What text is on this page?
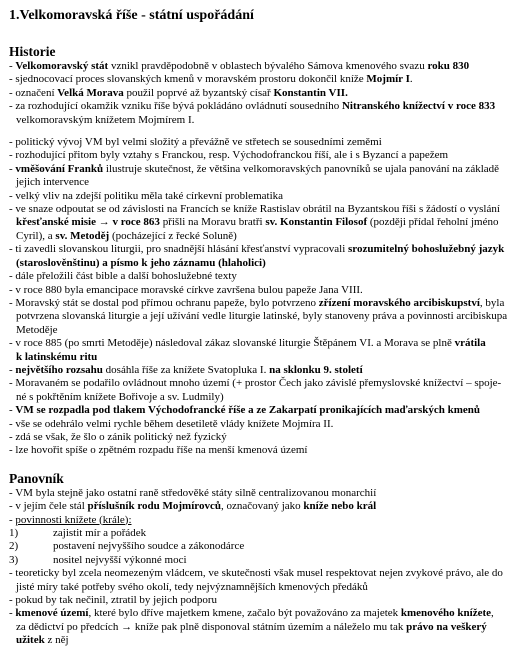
1.Velkomoravská říše - státní uspořádání
Historie
- Velkomoravský stát vznikl pravděpodobně v oblastech bývalého Sámova kmenového svazu roku 830
- sjednocovací proces slovanských kmenů v moravském prostoru dokončil kníže Mojmír I.
- označení Velká Morava použil poprvé až byzantský císař Konstantin VII.
- za rozhodující okamžik vzniku říše bývá pokládáno ovládnutí sousedního Nitranského knížectví v roce 833
velkomoravským knížetem Mojmírem I.
- politický vývoj VM byl velmi složitý a převážně ve střetech se sousedními zeměmi
- rozhodující přitom byly vztahy s Franckou, resp. Východofranckou říší, ale i s Byzancí a papežem
- vměšování Franků ilustruje skutečnost, že většina velkomoravských panovníků se ujala panování na základě
jejich intervence
- velký vliv na zdejší politiku měla také církevní problematika
- ve snaze odpoutat se od závislosti na Francích se kníže Rastislav obrátil na Byzantskou říši s žádostí o vyslání
křesťanské misie → v roce 863 přišli na Moravu bratři sv. Konstantin Filosof (později přídal řeholní jméno
Cyril), a sv. Metoděj (pocházející z řecké Soluně)
- ti zavedli slovanskou liturgii, pro snadnější hlásání křesťanství vypracovali srozumitelný bohoslužebný jazyk
(staroslověnštinu) a písmo k jeho záznamu (hlaholici)
- dále přeložili část bible a další bohoslužebné texty
- v roce 880 byla emancipace moravské církve završena bulou papeže Jana VIII.
- Moravský stát se dostal pod přímou ochranu papeže, bylo potvrzeno zřízení moravského arcibiskupství, byla
potvrzena slovanská liturgie a její užívání vedle liturgie latinské, byly stanoveny práva a povinnosti arcibiskupa
Metoděje
- v roce 885 (po smrti Metoděje) následoval zákaz slovanské liturgie Štěpánem VI. a Morava se plně vrátila
k latinskému ritu
- největšího rozsahu dosáhla říše za knížete Svatopluka I. na sklonku 9. století
- Moravaném se podařilo ovládnout mnoho území (+ prostor Čech jako závislé přemyslovské knížectví – spoje-
né s pokřtěním knížete Bořivoje a sv. Ludmily)
- VM se rozpadla pod tlakem Východofrancké říše a ze Zakarpatí pronikajících maďarských kmenů
- vše se odehrálo velmi rychle během desetiletě vlády knížete Mojmíra II.
- zdá se však, že šlo o zánik politický než fyzický
- lze hovořit spíše o zpětném rozpadu říše na menší kmenová území
Panovník
- VM byla stejně jako ostatní raně středověké státy silně centralizovanou monarchií
- v jejím čele stál příslušník rodu Mojmírovců, označovaný jako kníže nebo král
- povinnosti knížete (krále):
1)	zajistit mír a pořádek
2)	postavení nejvyššího soudce a zákonodárce
3)	nositel nejvyšší výkonné moci
- teoreticky byl zcela neomezeným vládcem, ve skutečnosti však musel respektovat nejen zvykové právo, ale do
jisté míry také potřeby svého okolí, tedy nejvýznamnějších kmenových předáků
- pokud by tak nečinil, ztratil by jejich podporu
- kmenové území, které bylo dříve majetkem kmene, začalo být považováno za majetek kmenového knížete,
za dědictví po předcích → kníže pak plně disponoval státním územím a náleželo mu tak právo na veškerý
užitek z něj
